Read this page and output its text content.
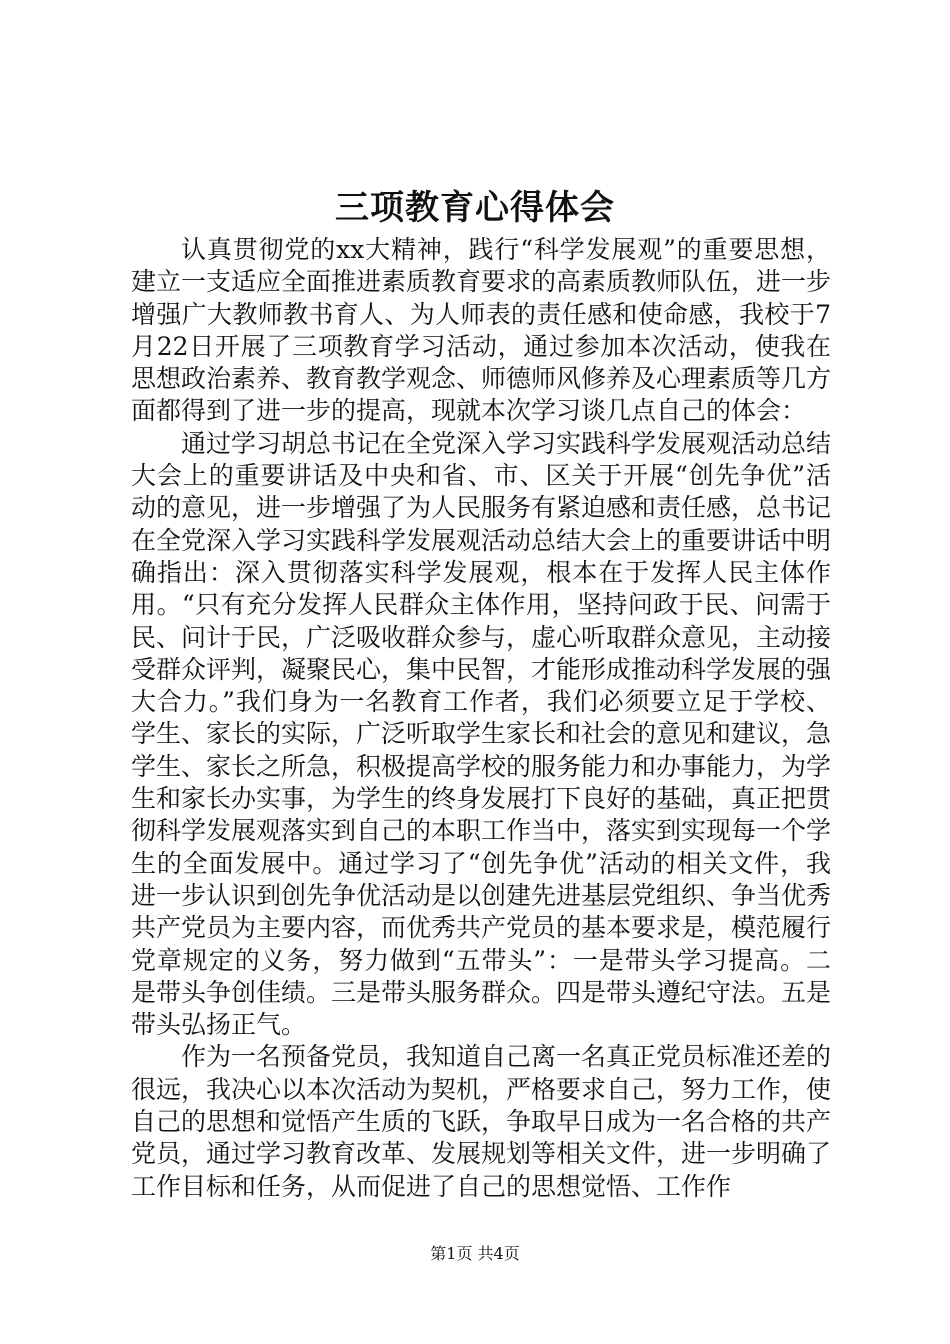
三项教育心得体会

认真贯彻党的xx大精神，践行“科学发展观”的重要思想，建立一支适应全面推进素质教育要求的高素质教师队伍，进一步增强广大教师教书育人、为人师表的责任感和使命感，我校于7月22日开展了三项教育学习活动，通过参加本次活动，使我在思想政治素养、教育教学观念、师德师风修养及心理素质等几方面都得到了进一步的提高，现就本次学习谈几点自己的体会：

通过学习胡总书记在全党深入学习实践科学发展观活动总结大会上的重要讲话及中央和省、市、区关于开展“创先争优”活动的意见，进一步增强了为人民服务有紧迫感和责任感，总书记在全党深入学习实践科学发展观活动总结大会上的重要讲话中明确指出：深入贯彻落实科学发展观，根本在于发挥人民主体作用。“只有充分发挥人民群众主体作用，坚持问政于民、问需于民、问计于民，广泛吸收群众参与，虚心听取群众意见，主动接受群众评判，凝聚民心，集中民智，才能形成推动科学发展的强大合力。”我们身为一名教育工作者，我们必须要立足于学校、学生、家长的实际，广泛听取学生家长和社会的意见和建议，急学生、家长之所急，积极提高学校的服务能力和办事能力，为学生和家长办实事，为学生的终身发展打下良好的基础，真正把贯彻科学发展观落实到自己的本职工作当中，落实到实现每一个学生的全面发展中。通过学习了“创先争优”活动的相关文件，我进一步认识到创先争优活动是以创建先进基层党组织、争当优秀共产党员为主要内容，而优秀共产党员的基本要求是，模范履行党章规定的义务，努力做到“五带头”：一是带头学习提高。二是带头争创佳绩。三是带头服务群众。四是带头遵纪守法。五是带头弘扬正气。

作为一名预备党员，我知道自己离一名真正党员标准还差的很远，我决心以本次活动为契机，严格要求自己，努力工作，使自己的思想和觉悟产生质的飞跃，争取早日成为一名合格的共产党员，通过学习教育改革、发展规划等相关文件，进一步明确了工作目标和任务，从而促进了自己的思想觉悟、工作作

第1页 共4页
